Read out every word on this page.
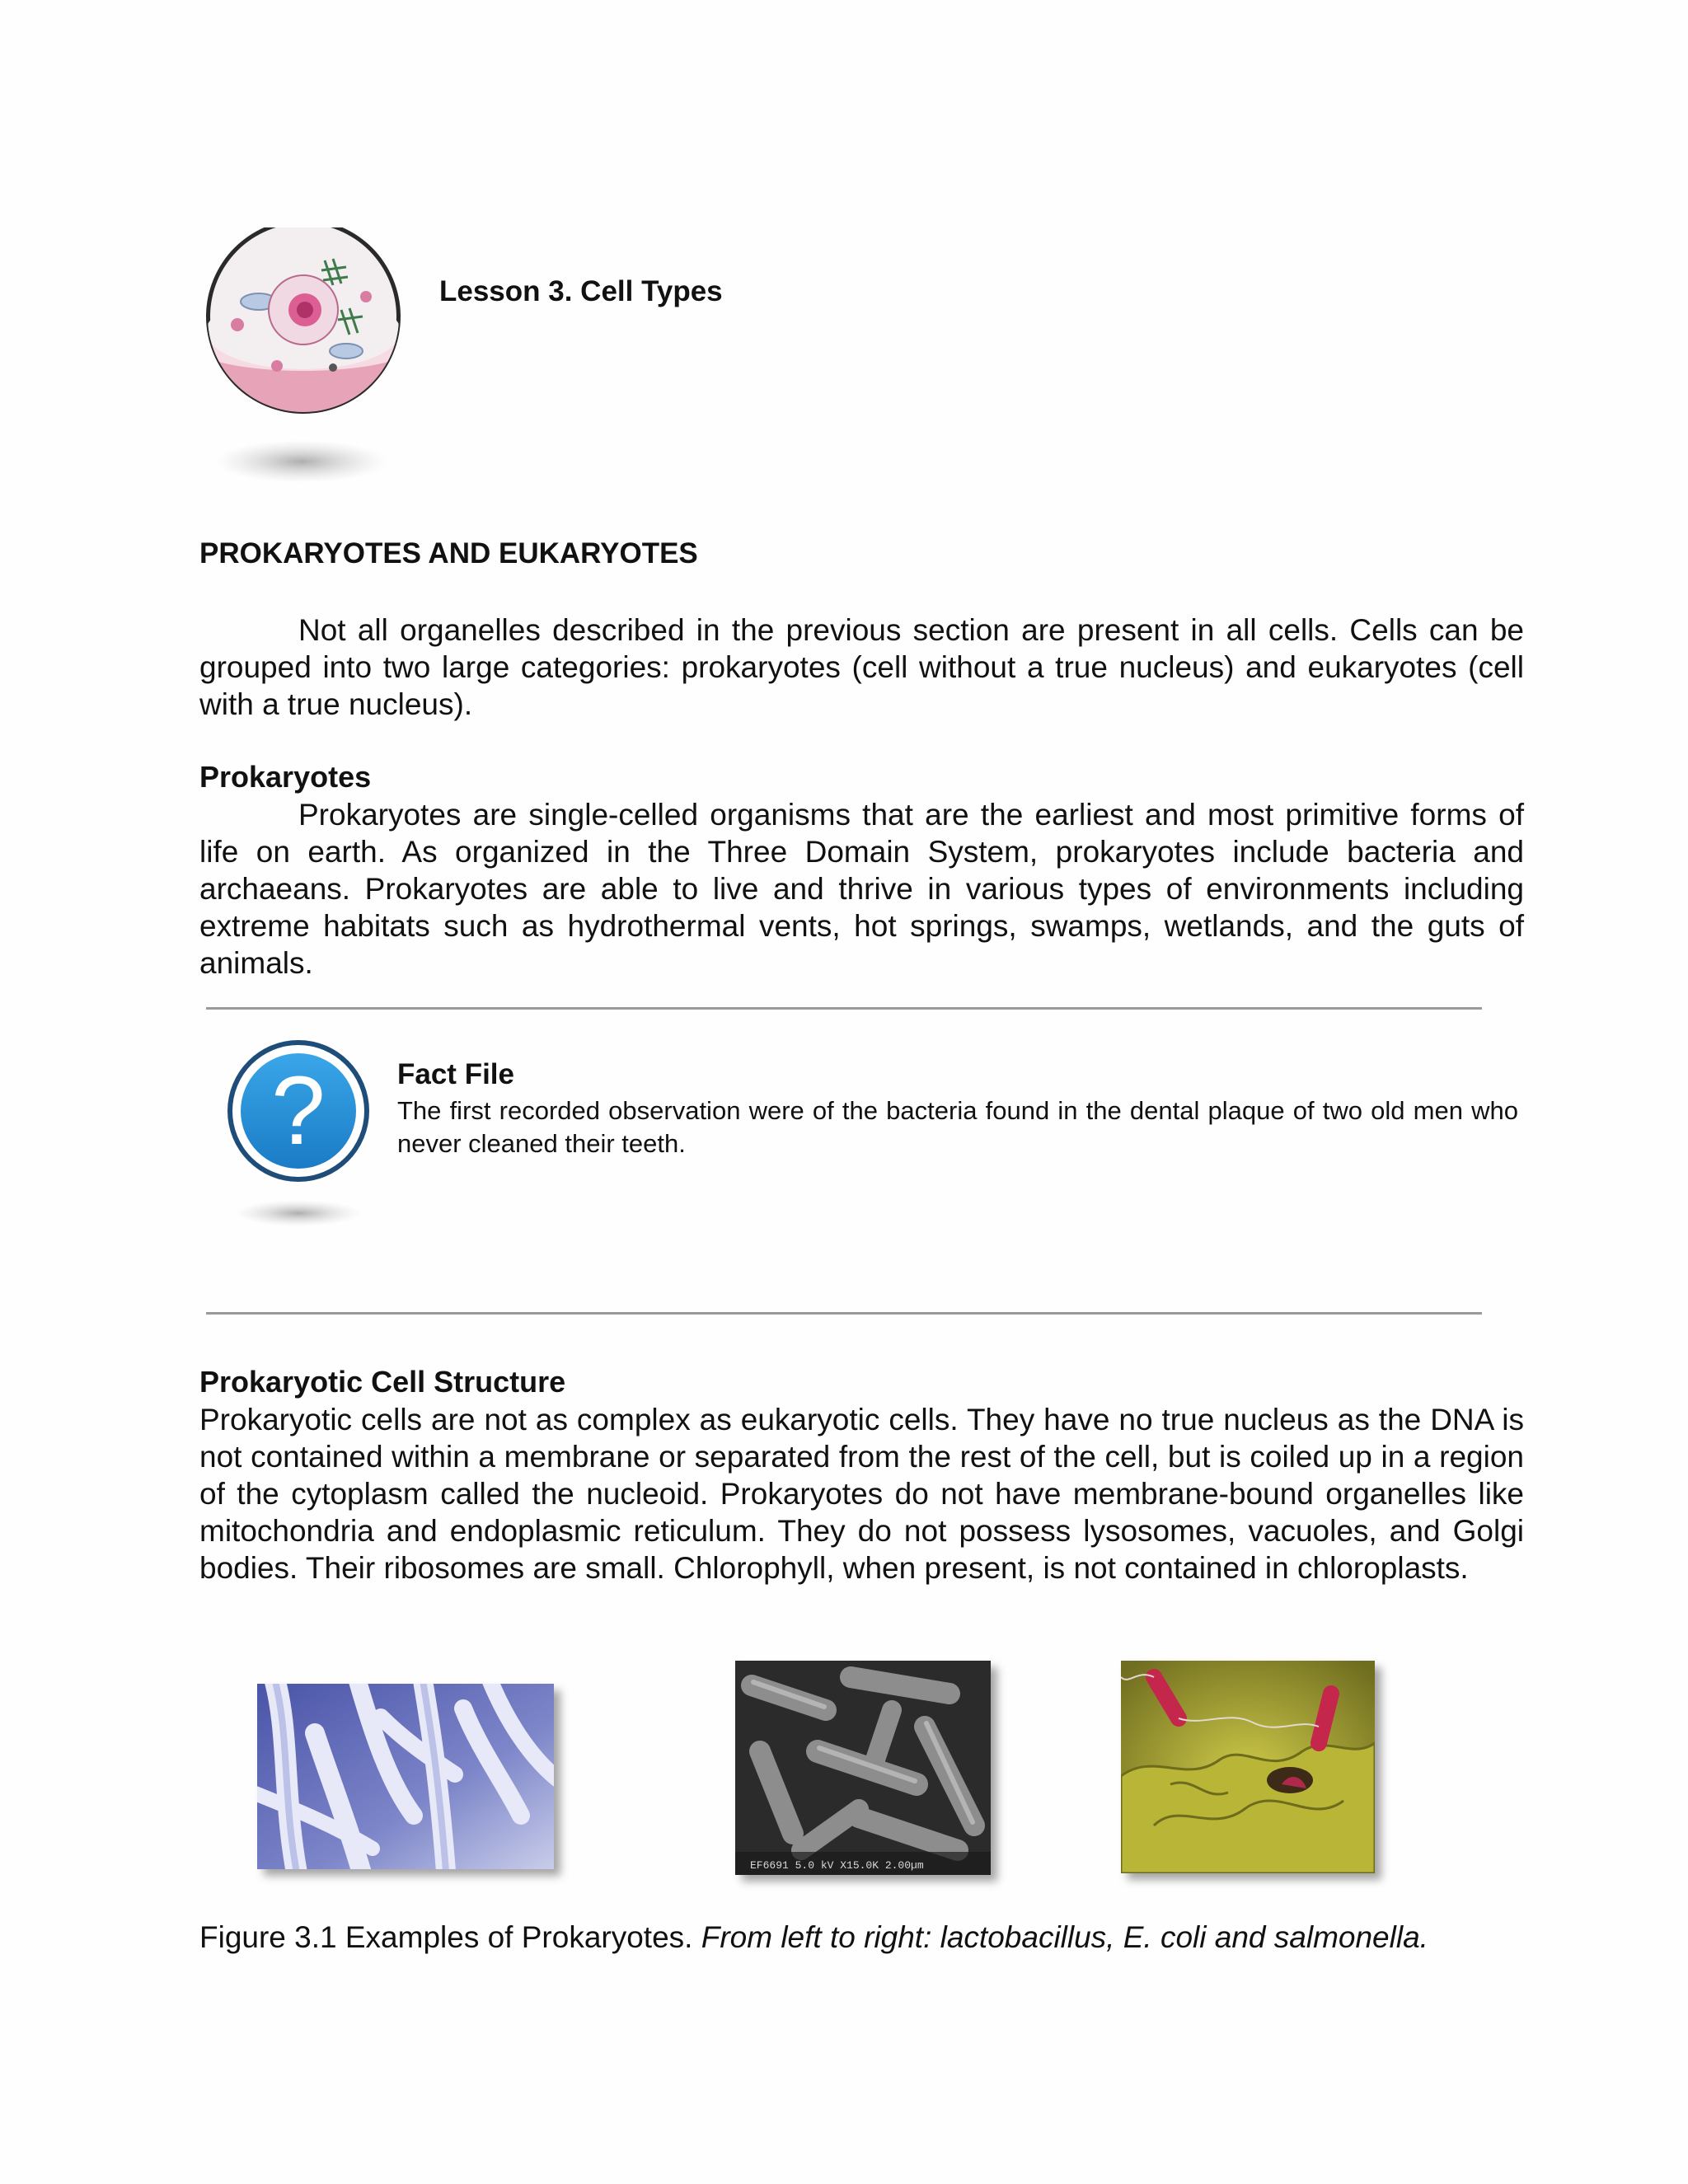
Lesson 3. Cell Types
PROKARYOTES AND EUKARYOTES

Not all organelles described in the previous section are present in all cells. Cells can be grouped into two large categories: prokaryotes (cell without a true nucleus) and eukaryotes (cell with a true nucleus).

Prokaryotes

Prokaryotes are single-celled organisms that are the earliest and most primitive forms of life on earth. As organized in the Three Domain System, prokaryotes include bacteria and archaeans. Prokaryotes are able to live and thrive in various types of environments including extreme habitats such as hydrothermal vents, hot springs, swamps, wetlands, and the guts of animals.

? Fact File

The first recorded observation were of the bacteria found in the dental plaque of two old men who never cleaned their teeth.

Prokaryotic Cell Structure

Prokaryotic cells are not as complex as eukaryotic cells. They have no true nucleus as the DNA is not contained within a membrane or separated from the rest of the cell, but is coiled up in a region of the cytoplasm called the nucleoid. Prokaryotes do not have membrane-bound organelles like mitochondria and endoplasmic reticulum. They do not possess lysosomes, vacuoles, and Golgi bodies. Their ribosomes are small. Chlorophyll, when present, is not contained in chloroplasts.

EF6691 5.0 kV X15.0K 2.00µm
Figure 3.1 Examples of Prokaryotes. From left to right: lactobacillus, E. coli and salmonella.
